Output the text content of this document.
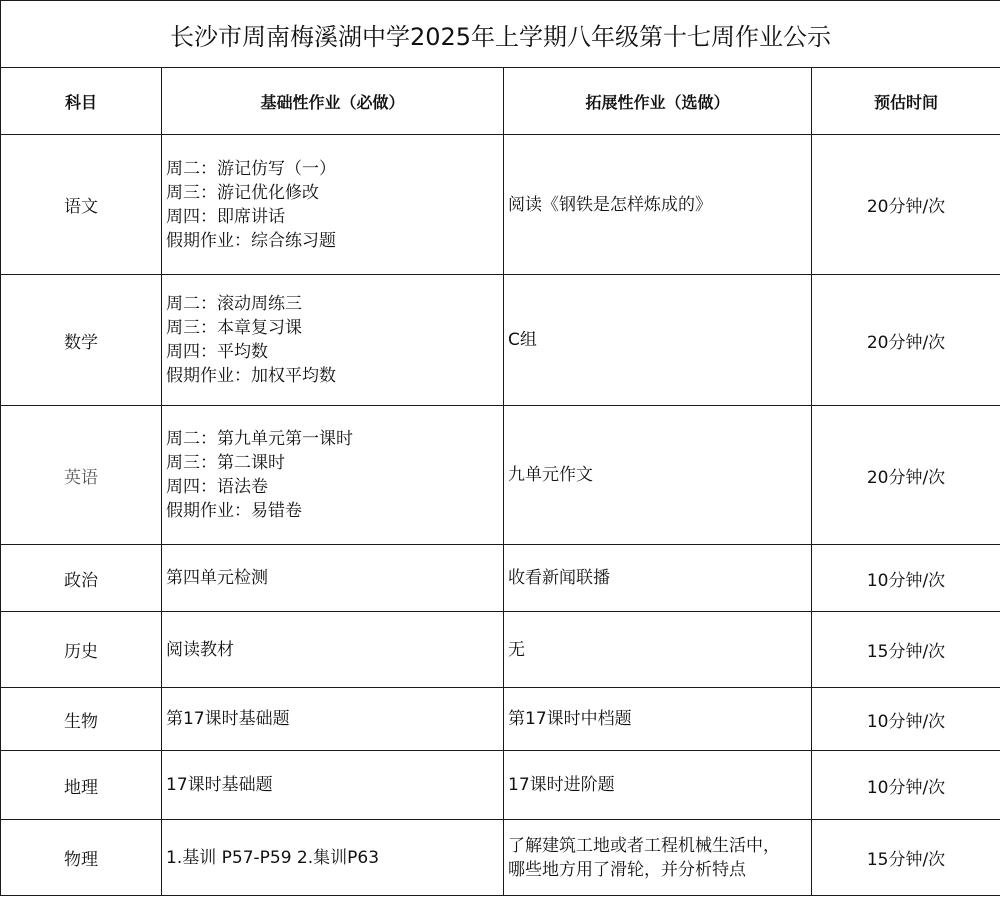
长沙市周南梅溪湖中学2025年上学期八年级第十七周作业公示			
科目	基础性作业（必做）	拓展性作业（选做）	预估时间
语文	周二：游记仿写（一）
周三：游记优化修改
周四：即席讲话
假期作业：综合练习题	阅读《钢铁是怎样炼成的》	20分钟/次
数学	周二：滚动周练三
周三：本章复习课
周四：平均数
假期作业：加权平均数	C组	20分钟/次
英语	周二：第九单元第一课时
周三：第二课时
周四：语法卷
假期作业：易错卷	九单元作文	20分钟/次
政治	第四单元检测	收看新闻联播	10分钟/次
历史	阅读教材	无	15分钟/次
生物	第17课时基础题	第17课时中档题	10分钟/次
地理	17课时基础题	17课时进阶题	10分钟/次
物理	1.基训 P57-P59 2.集训P63	了解建筑工地或者工程机械生活中，
哪些地方用了滑轮，并分析特点	15分钟/次
